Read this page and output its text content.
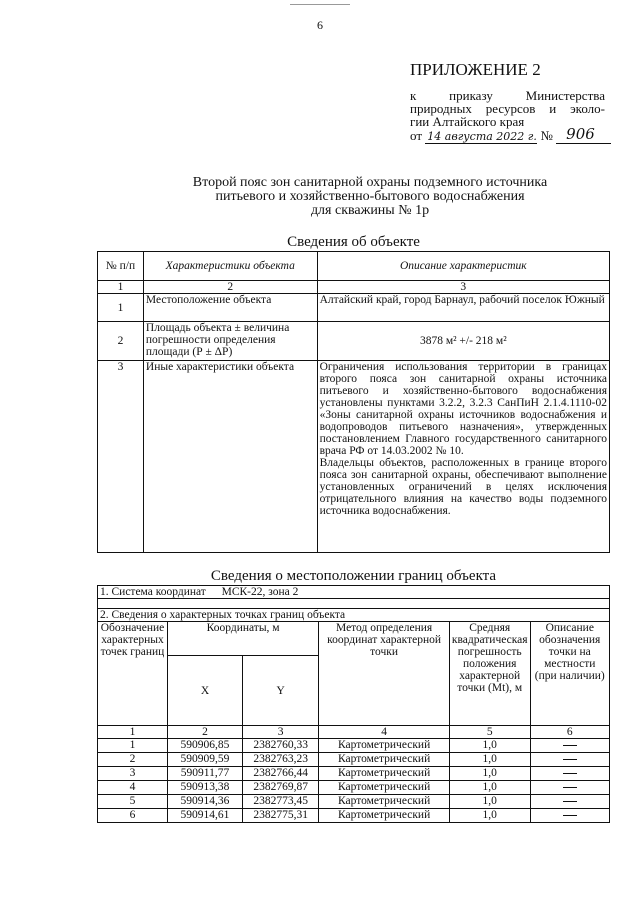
6
ПРИЛОЖЕНИЕ 2
к приказу Министерства
природных ресурсов и эколо-
гии Алтайского края
от 14 августа 2022 г. № 906
Второй пояс зон санитарной охраны подземного источника
питьевого и хозяйственно-бытового водоснабжения
для скважины № 1р
Сведения об объекте
№ п/п	Характеристики объекта	Описание характеристик
1	2	3
1	Местоположение объекта	Алтайский край, город Барнаул, рабочий поселок Южный
2	Площадь объекта ± величина погрешности определения площади (Р ± ΔР)	3878 м² +/- 218 м²
3	Иные характеристики объекта	Ограничения использования территории в границах второго пояса зон санитарной охраны источника питьевого и хозяйственно-бытового водоснабжения установлены пунктами 3.2.2, 3.2.3 СанПиН 2.1.4.1110-02 «Зоны санитарной охраны источников водоснабжения и водопроводов питьевого назначения», утвержденных постановлением Главного государственного санитарного врача РФ от 14.03.2002 № 10.
Владельцы объектов, расположенных в границе второго пояса зон санитарной охраны, обеспечивают выполнение установленных ограничений в целях исключения отрицательного влияния на качество воды подземного источника водоснабжения.
Сведения о местоположении границ объекта
1. Система координат МСК-22, зона 2					

2. Сведения о характерных точках границ объекта					
Обозначение характерных точек границ	Координаты, м		Метод определения координат характерной точки	Средняя квадратическая погрешность положения характерной точки (Mt), м	Описание обозначения точки на местности (при наличии)
	X	Y			
1	2	3	4	5	6
1	590906,85	2382760,33	Картометрический	1,0	
2	590909,59	2382763,23	Картометрический	1,0	
3	590911,77	2382766,44	Картометрический	1,0	
4	590913,38	2382769,87	Картометрический	1,0	
5	590914,36	2382773,45	Картометрический	1,0	
6	590914,61	2382775,31	Картометрический	1,0	
